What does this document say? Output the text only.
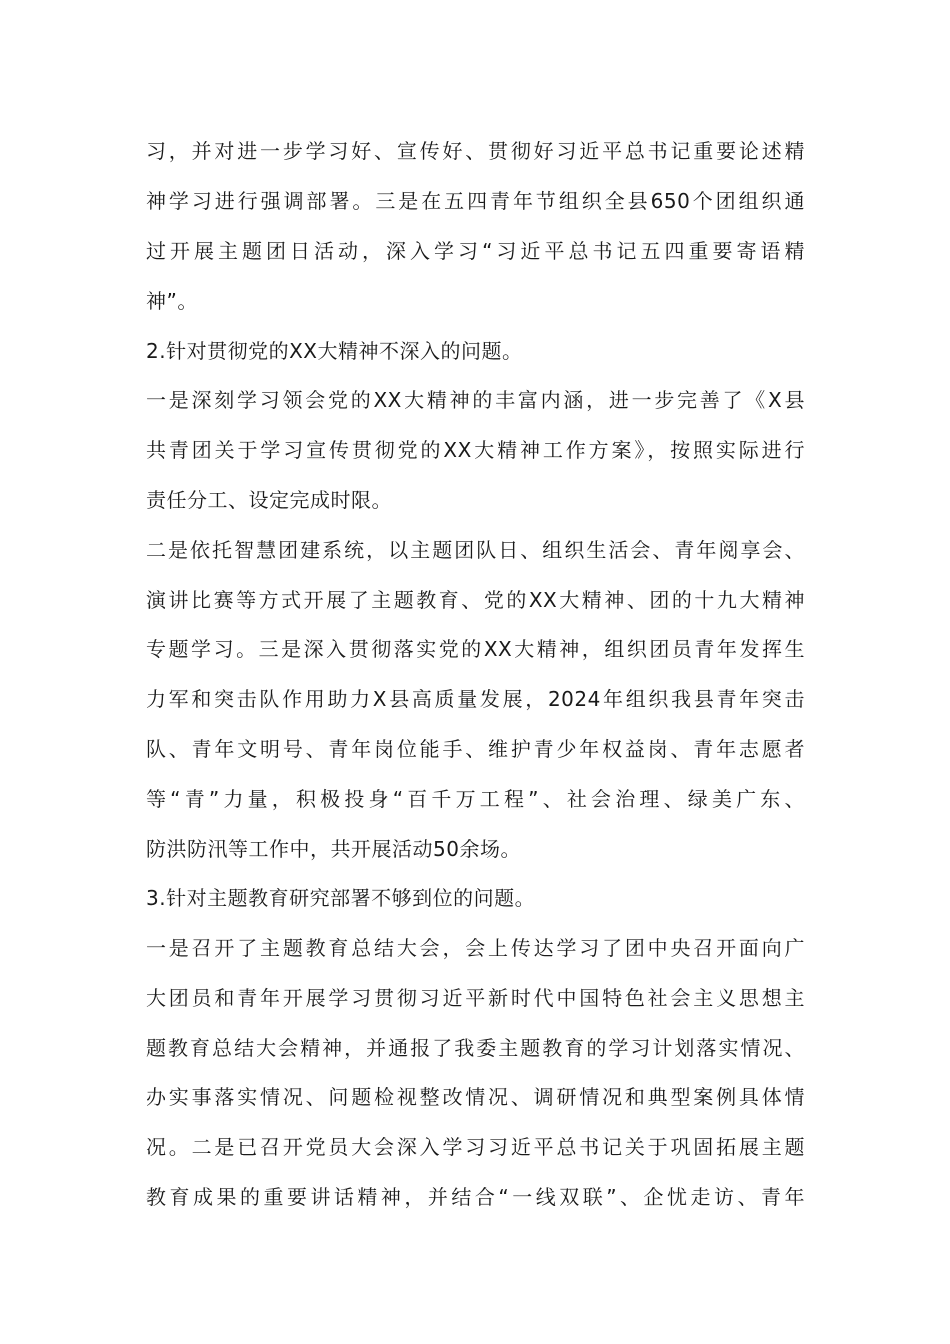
习，并对进一步学习好、宣传好、贯彻好习近平总书记重要论述精
神学习进行强调部署。三是在五四青年节组织全县650个团组织通
过开展主题团日活动，深入学习“习近平总书记五四重要寄语精
神”。
2.针对贯彻党的XX大精神不深入的问题。
一是深刻学习领会党的XX大精神的丰富内涵，进一步完善了《X县
共青团关于学习宣传贯彻党的XX大精神工作方案》，按照实际进行
责任分工、设定完成时限。
二是依托智慧团建系统，以主题团队日、组织生活会、青年阅享会、
演讲比赛等方式开展了主题教育、党的XX大精神、团的十九大精神
专题学习。三是深入贯彻落实党的XX大精神，组织团员青年发挥生
力军和突击队作用助力X县高质量发展，2024年组织我县青年突击
队、青年文明号、青年岗位能手、维护青少年权益岗、青年志愿者
等“青”力量，积极投身“百千万工程”、社会治理、绿美广东、
防洪防汛等工作中，共开展活动50余场。
3.针对主题教育研究部署不够到位的问题。
一是召开了主题教育总结大会，会上传达学习了团中央召开面向广
大团员和青年开展学习贯彻习近平新时代中国特色社会主义思想主
题教育总结大会精神，并通报了我委主题教育的学习计划落实情况、
办实事落实情况、问题检视整改情况、调研情况和典型案例具体情
况。二是已召开党员大会深入学习习近平总书记关于巩固拓展主题
教育成果的重要讲话精神，并结合“一线双联”、企忧走访、青年
